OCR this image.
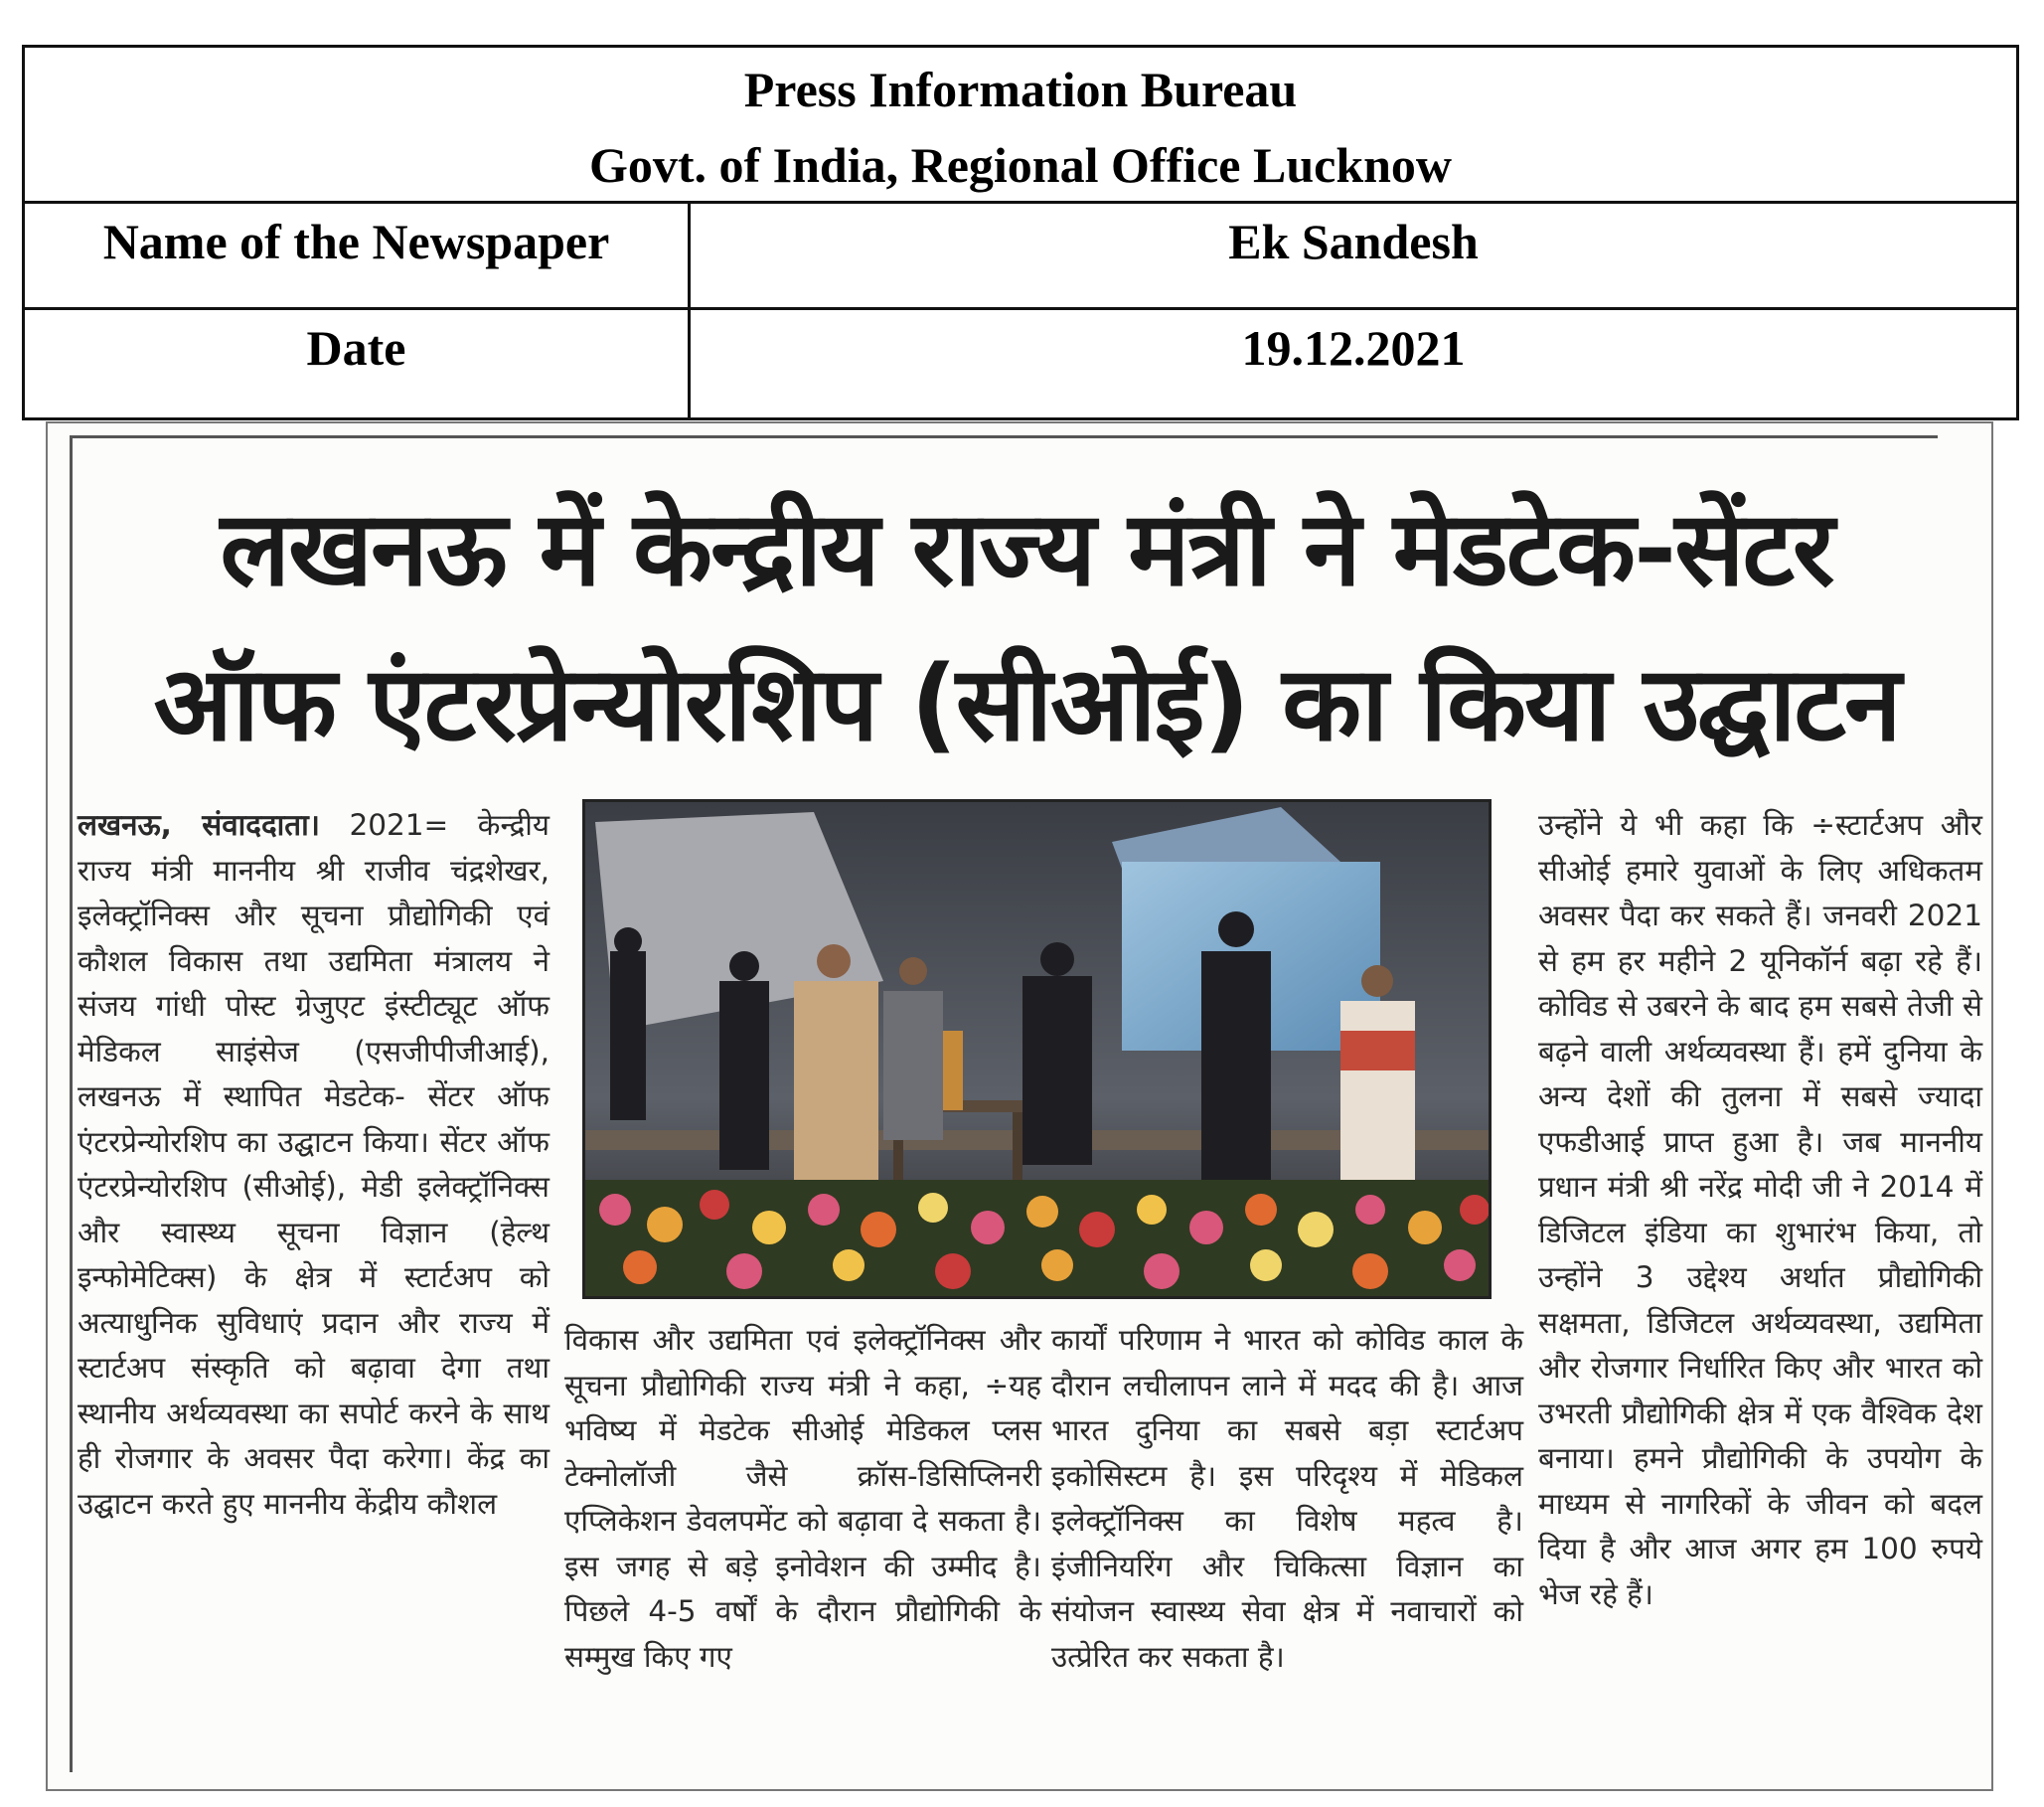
Press Information Bureau
Govt. of India, Regional Office Lucknow
Name of the Newspaper	Ek Sandesh
Date	19.12.2021
लखनऊ में केन्द्रीय राज्य मंत्री ने मेडटेक-सेंटर
ऑफ एंटरप्रेन्योरशिप (सीओई) का किया उद्घाटन

लखनऊ, संवाददाता। 2021= केन्द्रीय राज्य मंत्री माननीय श्री राजीव चंद्रशेखर, इलेक्ट्रॉनिक्स और सूचना प्रौद्योगिकी एवं कौशल विकास तथा उद्यमिता मंत्रालय ने संजय गांधी पोस्ट ग्रेजुएट इंस्टीट्यूट ऑफ मेडिकल साइंसेज (एसजीपीजीआई), लखनऊ में स्थापित मेडटेक- सेंटर ऑफ एंटरप्रेन्योरशिप का उद्घाटन किया। सेंटर ऑफ एंटरप्रेन्योरशिप (सीओई), मेडी इलेक्ट्रॉनिक्स और स्वास्थ्य सूचना विज्ञान (हेल्थ इन्फोमेटिक्स) के क्षेत्र में स्टार्टअप को अत्याधुनिक सुविधाएं प्रदान और राज्य में स्टार्टअप संस्कृति को बढ़ावा देगा तथा स्थानीय अर्थव्यवस्था का सपोर्ट करने के साथ ही रोजगार के अवसर पैदा करेगा। केंद्र का उद्घाटन करते हुए माननीय केंद्रीय कौशल

विकास और उद्यमिता एवं इलेक्ट्रॉनिक्स और सूचना प्रौद्योगिकी राज्य मंत्री ने कहा, ÷यह भविष्य में मेडटेक सीओई मेडिकल प्लस टेक्नोलॉजी जैसे क्रॉस-डिसिप्लिनरी एप्लिकेशन डेवलपमेंट को बढ़ावा दे सकता है। इस जगह से बड़े इनोवेशन की उम्मीद है। पिछले 4-5 वर्षों के दौरान प्रौद्योगिकी के सम्मुख किए गए

कार्यों परिणाम ने भारत को कोविड काल के दौरान लचीलापन लाने में मदद की है। आज भारत दुनिया का सबसे बड़ा स्टार्टअप इकोसिस्टम है। इस परिदृश्य में मेडिकल इलेक्ट्रॉनिक्स का विशेष महत्व है। इंजीनियरिंग और चिकित्सा विज्ञान का संयोजन स्वास्थ्य सेवा क्षेत्र में नवाचारों को उत्प्रेरित कर सकता है।

उन्होंने ये भी कहा कि ÷स्टार्टअप और सीओई हमारे युवाओं के लिए अधिकतम अवसर पैदा कर सकते हैं। जनवरी 2021 से हम हर महीने 2 यूनिकॉर्न बढ़ा रहे हैं। कोविड से उबरने के बाद हम सबसे तेजी से बढ़ने वाली अर्थव्यवस्था हैं। हमें दुनिया के अन्य देशों की तुलना में सबसे ज्यादा एफडीआई प्राप्त हुआ है। जब माननीय प्रधान मंत्री श्री नरेंद्र मोदी जी ने 2014 में डिजिटल इंडिया का शुभारंभ किया, तो उन्होंने 3 उद्देश्य अर्थात प्रौद्योगिकी सक्षमता, डिजिटल अर्थव्यवस्था, उद्यमिता और रोजगार निर्धारित किए और भारत को उभरती प्रौद्योगिकी क्षेत्र में एक वैश्विक देश बनाया। हमने प्रौद्योगिकी के उपयोग के माध्यम से नागरिकों के जीवन को बदल दिया है और आज अगर हम 100 रुपये भेज रहे हैं।
